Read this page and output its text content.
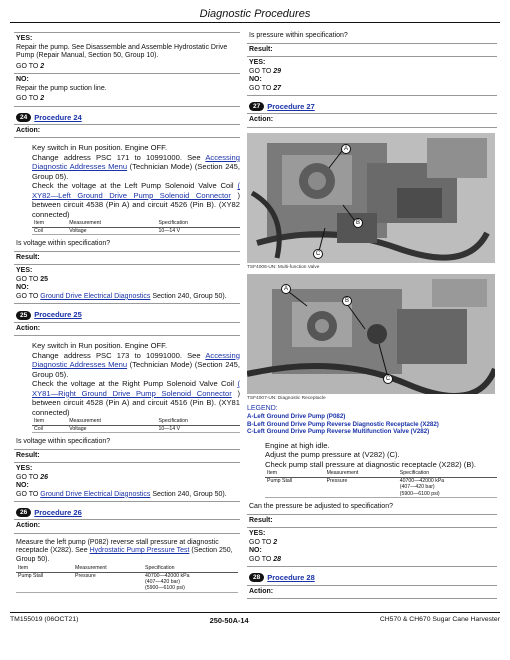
Diagnostic Procedures
YES:
Repair the pump. See Disassemble and Assemble Hydrostatic Drive Pump (Repair Manual, Section 50, Group 10).
GO TO 2
NO:
Repair the pump suction line.
GO TO 2
24 Procedure 24
Action:
Key switch in Run position. Engine OFF.
Change address PSC 171 to 10991000. See Accessing Diagnostic Addresses Menu (Technician Mode) (Section 245, Group 05).
Check the voltage at the Left Pump Solenoid Valve Coil ( XY82—Left Ground Drive Pump Solenoid Connector ) between circuit 4538 (Pin A) and circuit 4526 (Pin B). (XY82 connected)
Item	Measurement	Specification
Coil	Voltage	10—14 V
Is voltage within specification?
Result:
YES:
GO TO 25
NO:
GO TO Ground Drive Electrical Diagnostics Section 240, Group 50).
25 Procedure 25
Action:
Key switch in Run position. Engine OFF.
Change address PSC 173 to 10991000. See Accessing Diagnostic Addresses Menu (Technician Mode) (Section 245, Group 05).
Check the voltage at the Right Pump Solenoid Valve Coil ( XY81—Right Ground Drive Pump Solenoid Connector ) between circuit 4528 (Pin A) and circuit 4516 (Pin B). (XY81 connected)
Item	Measurement	Specification
Coil	Voltage	10—14 V
Is voltage within specification?
Result:
YES:
GO TO 26
NO:
GO TO Ground Drive Electrical Diagnostics Section 240, Group 50).
26 Procedure 26
Action:
Measure the left pump (P082) reverse stall pressure at diagnostic receptacle (X282). See Hydrostatic Pump Pressure Test (Section 250, Group 50).
Item	Measurement	Specification
Pump Stall	Pressure	40700—42000 kPa
		(407—420 bar)
		(5900—6100 psi)
Is pressure within specification?
Result:
YES:
GO TO 29
NO:
GO TO 27
27 Procedure 27
Action:
A
B
C
TSF4006-UN: Multi-function Valve
A
B
C
TSF4007-UN: Diagnostic Receptacle
LEGEND:
A-Left Ground Drive Pump (P082)
B-Left Ground Drive Pump Reverse Diagnostic Receptacle (X282)
C-Left Ground Drive Pump Reverse Multifunction Valve (V282)
Engine at high idle.
Adjust the pump pressure at (V282) (C).
Check pump stall pressure at diagnostic receptacle (X282) (B).
Item	Measurement	Specification
Pump Stall	Pressure	40700—42000 kPa
		(407—420 bar)
		(5900—6100 psi)
Can the pressure be adjusted to specification?
Result:
YES:
GO TO 2
NO:
GO TO 28
28 Procedure 28
Action:
TM155019 (06OCT21)	250-50A-14	CH570 & CH670 Sugar Cane Harvester
